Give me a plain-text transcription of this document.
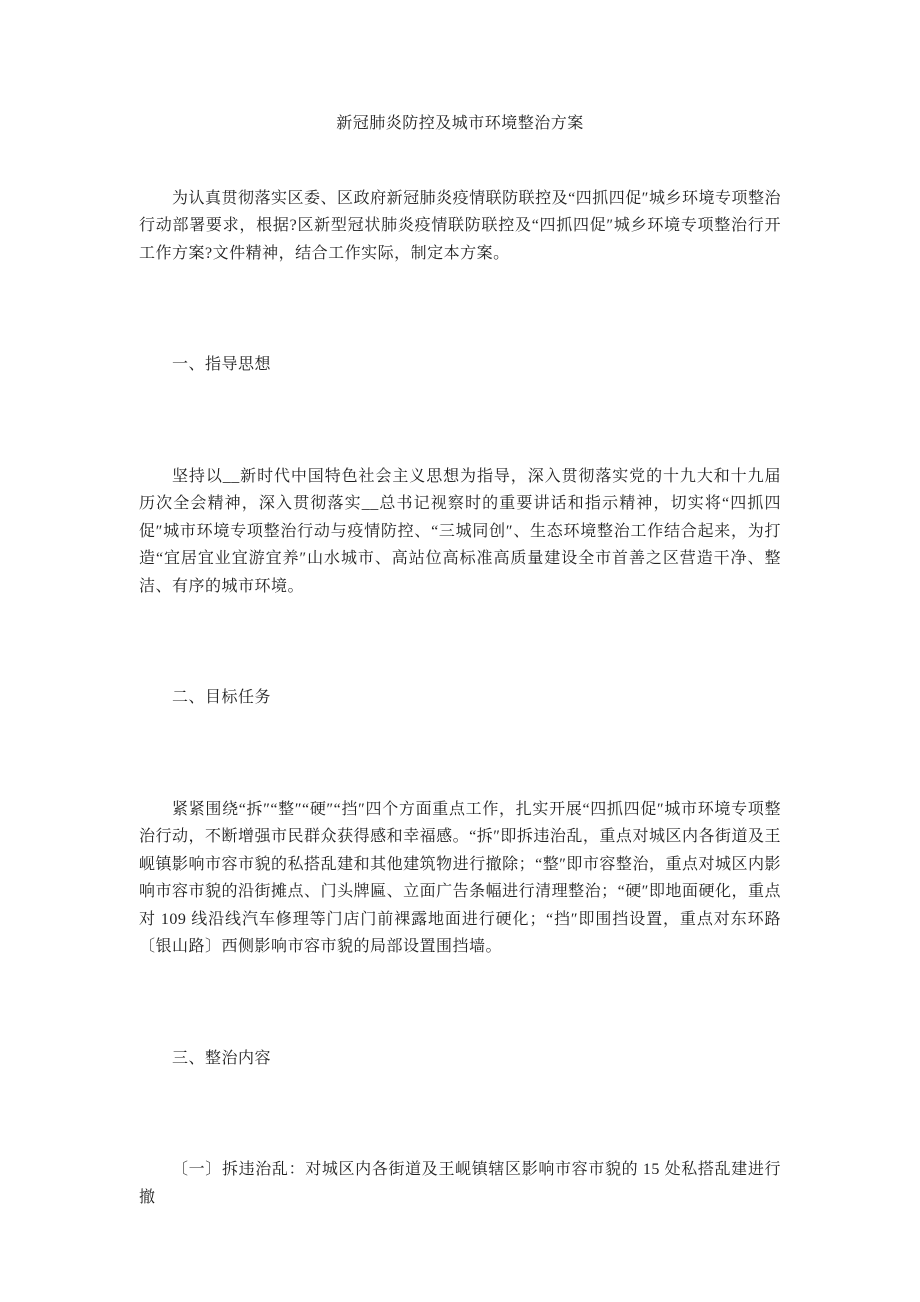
新冠肺炎防控及城市环境整治方案

为认真贯彻落实区委、区政府新冠肺炎疫情联防联控及“四抓四促″城乡环境专项整治行动部署要求，根据?区新型冠状肺炎疫情联防联控及“四抓四促″城乡环境专项整治行开工作方案?文件精神，结合工作实际，制定本方案。

一、指导思想

坚持以__新时代中国特色社会主义思想为指导，深入贯彻落实党的十九大和十九届历次全会精神，深入贯彻落实__总书记视察时的重要讲话和指示精神，切实将“四抓四促″城市环境专项整治行动与疫情防控、“三城同创″、生态环境整治工作结合起来，为打造“宜居宜业宜游宜养″山水城市、高站位高标准高质量建设全市首善之区营造干净、整洁、有序的城市环境。

二、目标任务

紧紧围绕“拆″“整″“硬″“挡″四个方面重点工作，扎实开展“四抓四促″城市环境专项整治行动，不断增强市民群众获得感和幸福感。“拆″即拆违治乱，重点对城区内各街道及王岘镇影响市容市貌的私搭乱建和其他建筑物进行撤除；“整″即市容整治，重点对城区内影响市容市貌的沿街摊点、门头牌匾、立面广告条幅进行清理整治；“硬″即地面硬化，重点对 109 线沿线汽车修理等门店门前裸露地面进行硬化；“挡″即围挡设置，重点对东环路〔银山路〕西侧影响市容市貌的局部设置围挡墙。

三、整治内容

〔一〕拆违治乱：对城区内各街道及王岘镇辖区影响市容市貌的 15 处私搭乱建进行撤
